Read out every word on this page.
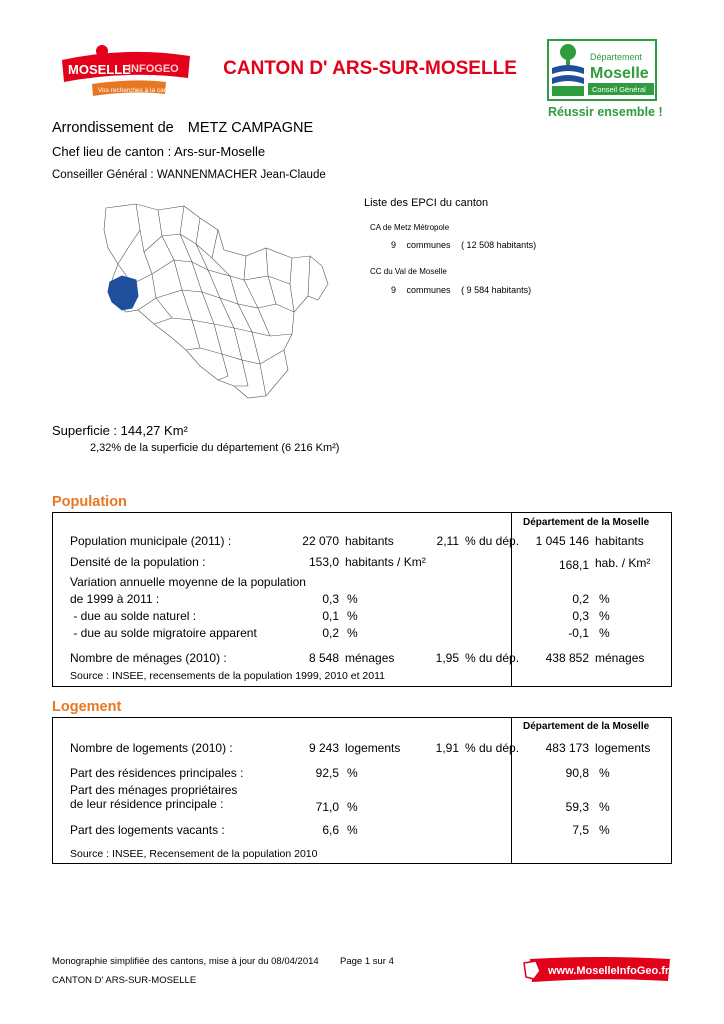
MOSELLE
INFOGEO
Vos recherches à la carte
CANTON D' ARS-SUR-MOSELLE
Département
Moselle
Conseil Général
Réussir ensemble !
Arrondissement de METZ CAMPAGNE
Chef lieu de canton : Ars-sur-Moselle
Conseiller Général : WANNENMACHER Jean-Claude
Liste des EPCI du canton
CA de Metz Métropole
9 communes ( 12 508 habitants)
CC du Val de Moselle
9 communes ( 9 584 habitants)
Superficie : 144,27 Km²
2,32% de la superficie du département (6 216 Km²)
Population
Département de la Moselle
Population municipale (2011) :	22 070 habitants	2,11 % du dép. 1 045 146 habitants
Densité de la population :	153,0 habitants / Km²	168,1 hab. / Km²
Variation annuelle moyenne de la population
de 1999 à 2011 :	0,3 %	0,2 %
- due au solde naturel :	0,1 %	0,3 %
- due au solde migratoire apparent	0,2 %	-0,1 %
Nombre de ménages (2010) :	8 548 ménages	1,95 % du dép. 438 852 ménages
Source : INSEE, recensements de la population 1999, 2010 et 2011
Logement
Département de la Moselle
Nombre de logements (2010) :	9 243 logements	1,91 % du dép. 483 173 logements
Part des résidences principales :	92,5 %	90,8 %
Part des ménages propriétaires
de leur résidence principale :	71,0 %	59,3 %
Part des logements vacants :	6,6 %	7,5 %
Source : INSEE, Recensement de la population 2010
Monographie simplifiée des cantons, mise à jour du 08/04/2014 Page 1 sur 4
CANTON D' ARS-SUR-MOSELLE
www.MoselleInfoGeo.fr
